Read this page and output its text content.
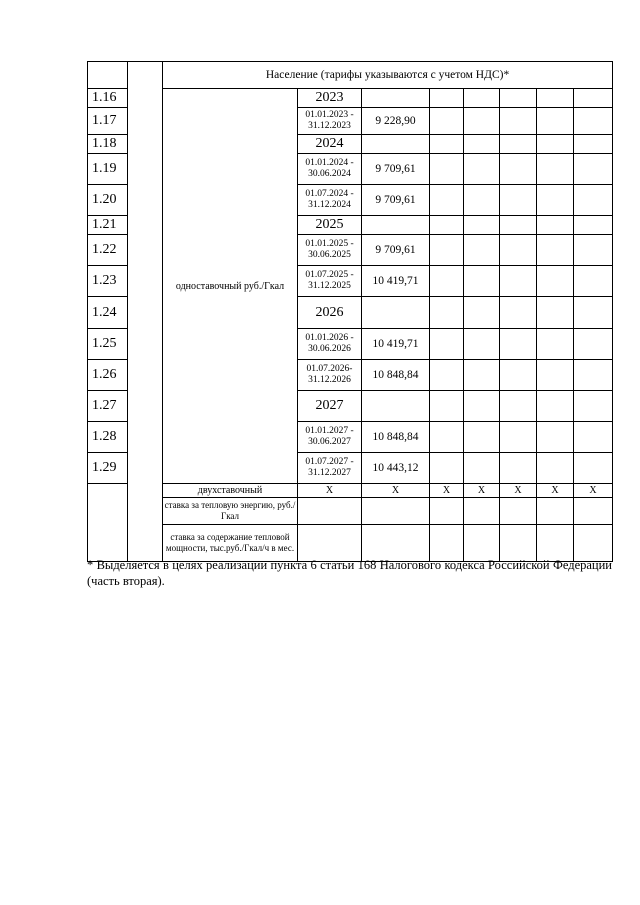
		Население (тарифы указываются с учетом НДС)*							
1.16		одноставочный руб./Гкал	2023						
1.17			01.01.2023 - 31.12.2023	9 228,90					
1.18			2024						
1.19			01.01.2024 - 30.06.2024	9 709,61					
1.20			01.07.2024 - 31.12.2024	9 709,61					
1.21			2025						
1.22			01.01.2025 - 30.06.2025	9 709,61					
1.23			01.07.2025 - 31.12.2025	10 419,71					
1.24			2026						
1.25			01.01.2026 - 30.06.2026	10 419,71					
1.26			01.07.2026- 31.12.2026	10 848,84					
1.27			2027						
1.28			01.01.2027 - 30.06.2027	10 848,84					
1.29			01.07.2027 - 31.12.2027	10 443,12					
		двухставочный	Х	Х	Х	Х	Х	Х	Х
		ставка за тепловую энергию, руб./Гкал							
		ставка за содержание тепловой мощности, тыс.руб./Гкал/ч в мес.							

* Выделяется в целях реализации пункта 6 статьи 168 Налогового кодекса Российской Федерации (часть вторая).
